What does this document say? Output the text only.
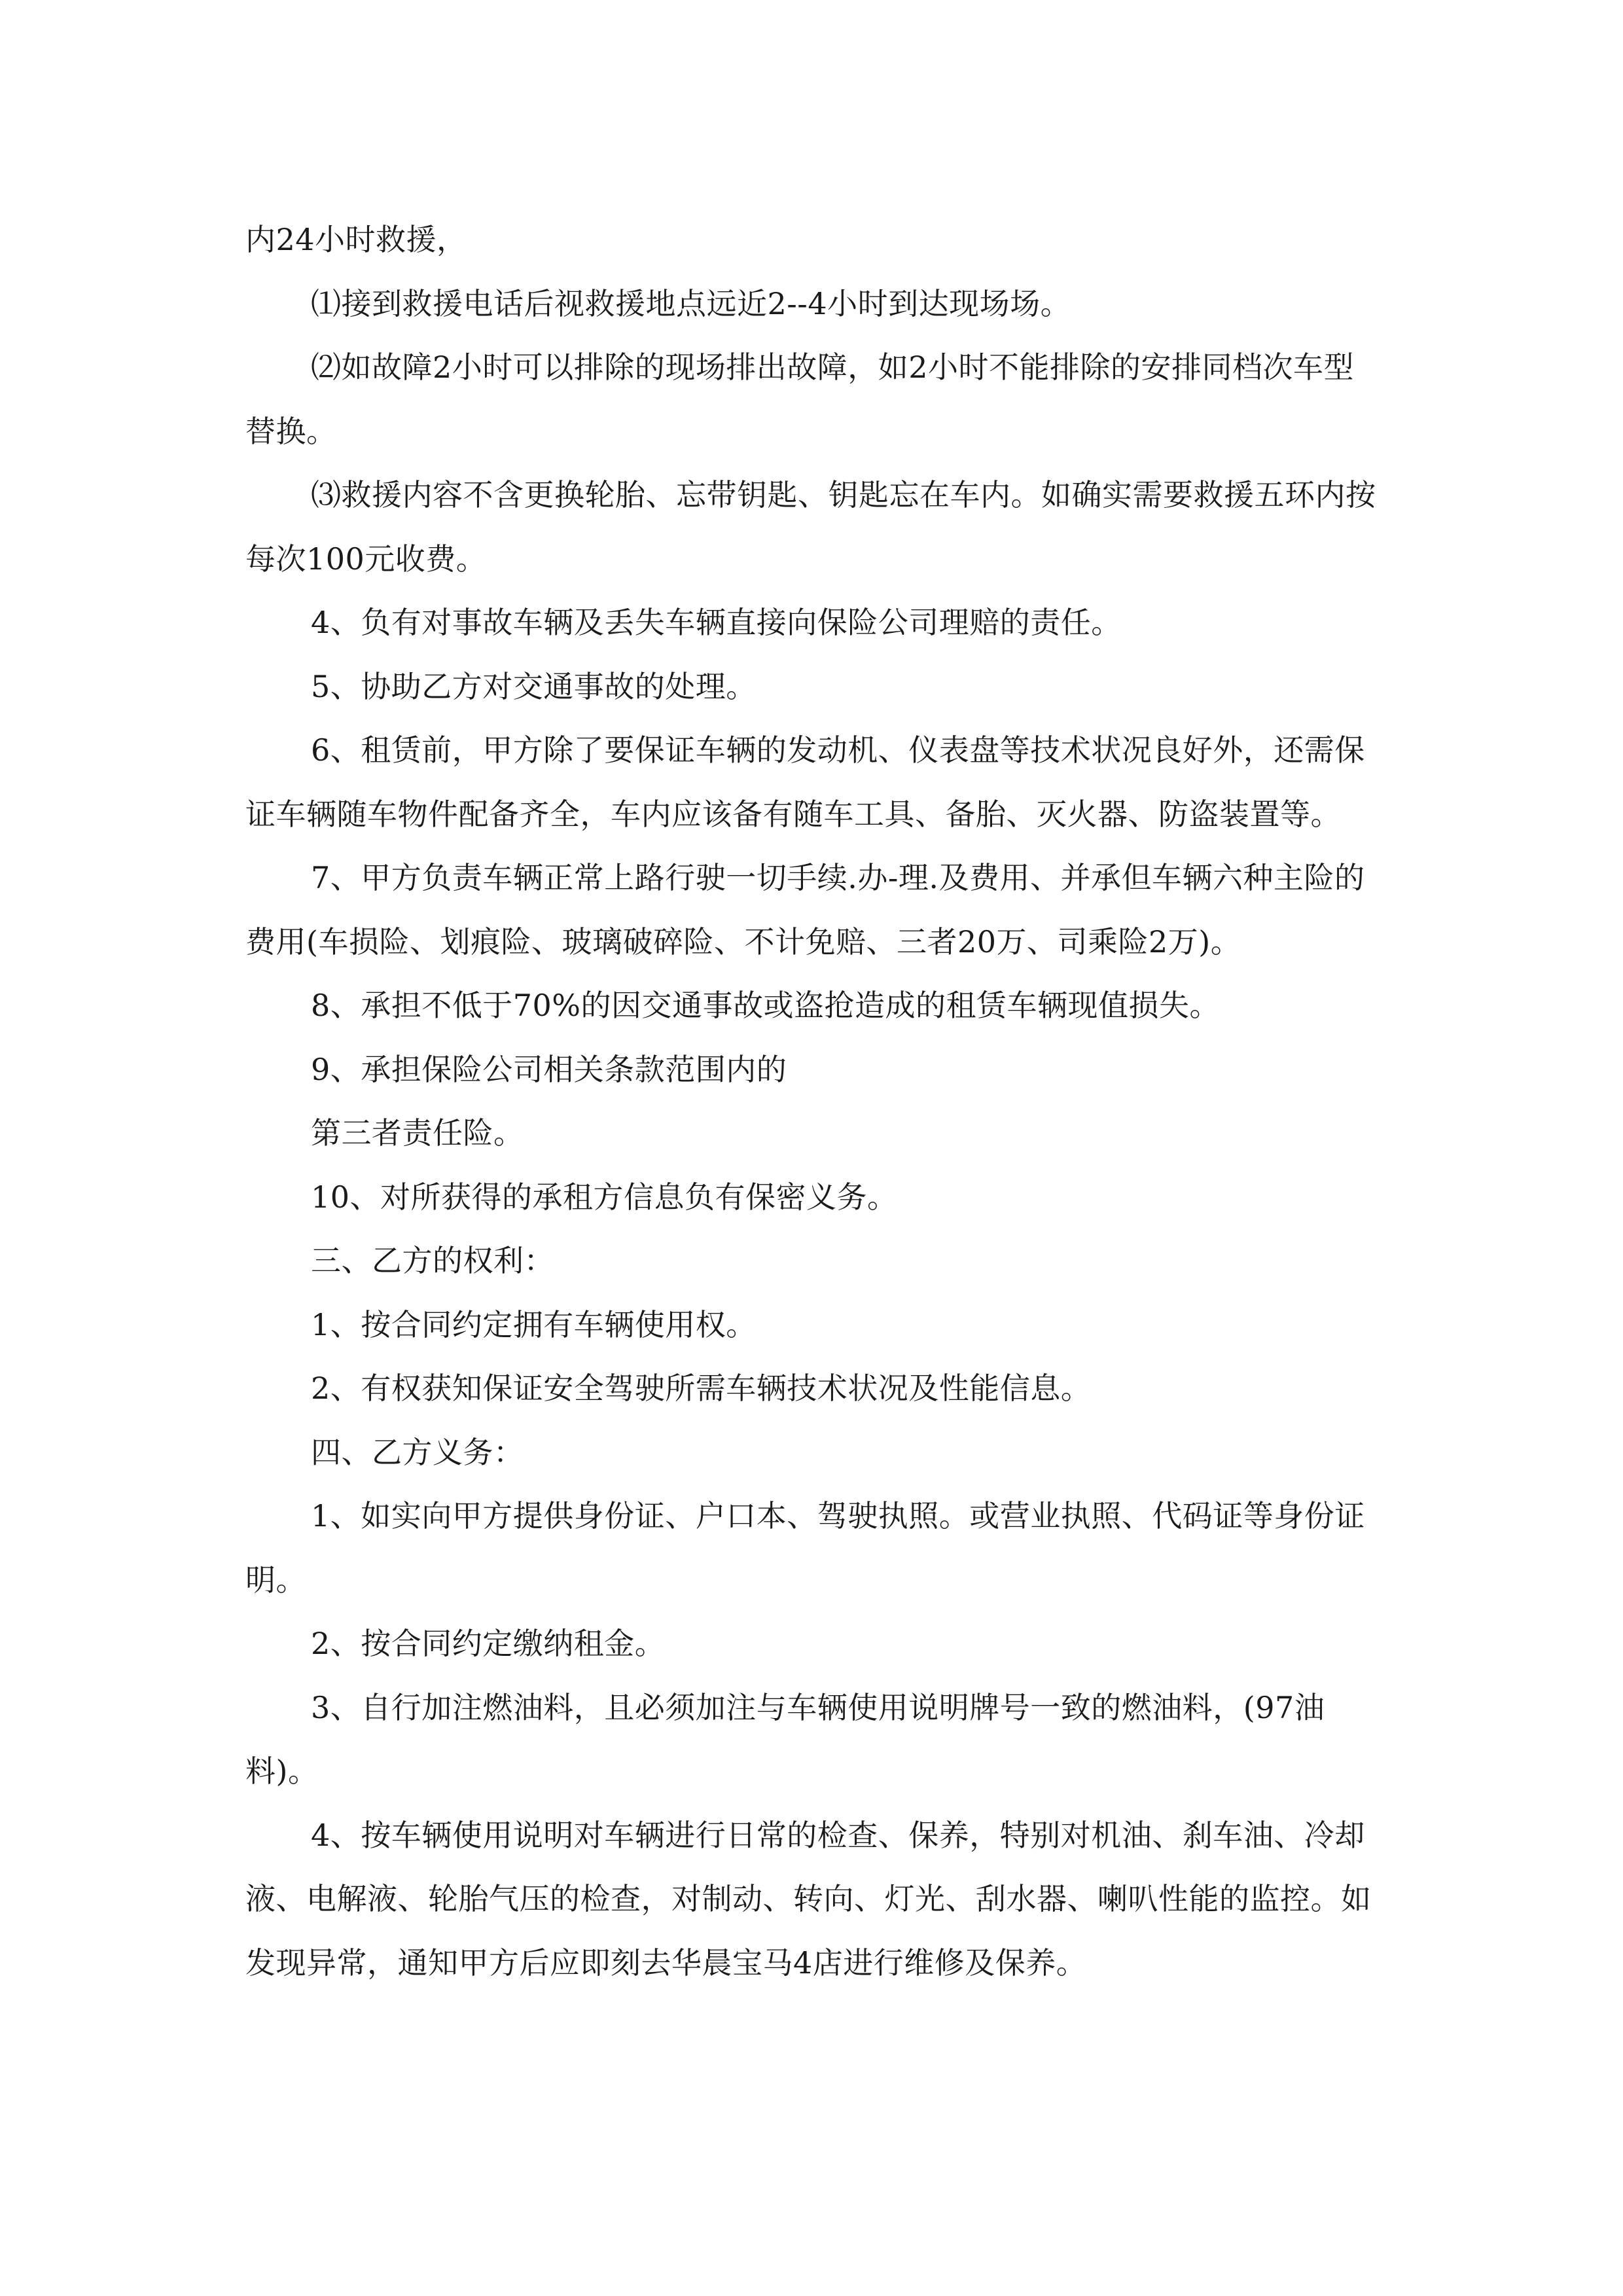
内24小时救援，

⑴接到救援电话后视救援地点远近2--4小时到达现场场。

⑵如故障2小时可以排除的现场排出故障，如2小时不能排除的安排同档次车型替换。

⑶救援内容不含更换轮胎、忘带钥匙、钥匙忘在车内。如确实需要救援五环内按每次100元收费。

4、负有对事故车辆及丢失车辆直接向保险公司理赔的责任。

5、协助乙方对交通事故的处理。

6、租赁前，甲方除了要保证车辆的发动机、仪表盘等技术状况良好外，还需保证车辆随车物件配备齐全，车内应该备有随车工具、备胎、灭火器、防盗装置等。

7、甲方负责车辆正常上路行驶一切手续.办-理.及费用、并承但车辆六种主险的费用(车损险、划痕险、玻璃破碎险、不计免赔、三者20万、司乘险2万)。

8、承担不低于70%的因交通事故或盗抢造成的租赁车辆现值损失。

9、承担保险公司相关条款范围内的

第三者责任险。

10、对所获得的承租方信息负有保密义务。

三、乙方的权利：

1、按合同约定拥有车辆使用权。

2、有权获知保证安全驾驶所需车辆技术状况及性能信息。

四、乙方义务：

1、如实向甲方提供身份证、户口本、驾驶执照。或营业执照、代码证等身份证明。

2、按合同约定缴纳租金。

3、自行加注燃油料，且必须加注与车辆使用说明牌号一致的燃油料，(97油料)。

4、按车辆使用说明对车辆进行日常的检查、保养，特别对机油、刹车油、冷却液、电解液、轮胎气压的检查，对制动、转向、灯光、刮水器、喇叭性能的监控。如发现异常，通知甲方后应即刻去华晨宝马4店进行维修及保养。
